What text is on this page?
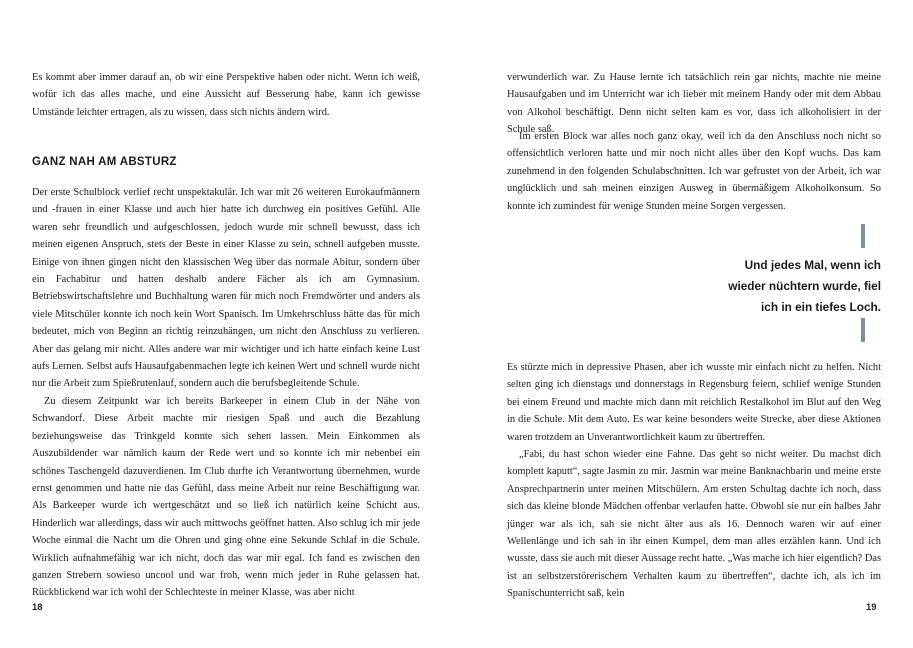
Es kommt aber immer darauf an, ob wir eine Perspektive haben oder nicht. Wenn ich weiß, wofür ich das alles mache, und eine Aussicht auf Besserung habe, kann ich gewisse Umstände leichter ertragen, als zu wissen, dass sich nichts ändern wird.

GANZ NAH AM ABSTURZ

Der erste Schulblock verlief recht unspektakulär. Ich war mit 26 weiteren Eurokaufmännern und -frauen in einer Klasse und auch hier hatte ich durchweg ein positives Gefühl. Alle waren sehr freundlich und aufgeschlossen, jedoch wurde mir schnell bewusst, dass ich meinen eigenen Anspruch, stets der Beste in einer Klasse zu sein, schnell aufgeben musste. Einige von ihnen gingen nicht den klassischen Weg über das normale Abitur, sondern über ein Fachabitur und hatten deshalb andere Fächer als ich am Gymnasium. Betriebswirtschaftslehre und Buchhaltung waren für mich noch Fremdwörter und anders als viele Mitschüler konnte ich noch kein Wort Spanisch. Im Umkehrschluss hätte das für mich bedeutet, mich von Beginn an richtig reinzuhängen, um nicht den Anschluss zu verlieren. Aber das gelang mir nicht. Alles andere war mir wichtiger und ich hatte einfach keine Lust aufs Lernen. Selbst aufs Hausaufgabenmachen legte ich keinen Wert und schnell wurde nicht nur die Arbeit zum Spießrutenlauf, sondern auch die berufsbegleitende Schule.

Zu diesem Zeitpunkt war ich bereits Barkeeper in einem Club in der Nähe von Schwandorf. Diese Arbeit machte mir riesigen Spaß und auch die Bezahlung beziehungsweise das Trinkgeld konnte sich sehen lassen. Mein Einkommen als Auszubildender war nämlich kaum der Rede wert und so konnte ich mir nebenbei ein schönes Taschengeld dazuverdienen. Im Club durfte ich Verantwortung übernehmen, wurde ernst genommen und hatte nie das Gefühl, dass meine Arbeit nur reine Beschäftigung war. Als Barkeeper wurde ich wertgeschätzt und so ließ ich natürlich keine Schicht aus. Hinderlich war allerdings, dass wir auch mittwochs geöffnet hatten. Also schlug ich mir jede Woche einmal die Nacht um die Ohren und ging ohne eine Sekunde Schlaf in die Schule. Wirklich aufnahmefähig war ich nicht, doch das war mir egal. Ich fand es zwischen den ganzen Strebern sowieso uncool und war froh, wenn mich jeder in Ruhe gelassen hat. Rückblickend war ich wohl der Schlechteste in meiner Klasse, was aber nicht

18

verwunderlich war. Zu Hause lernte ich tatsächlich rein gar nichts, machte nie meine Hausaufgaben und im Unterricht war ich lieber mit meinem Handy oder mit dem Abbau von Alkohol beschäftigt. Denn nicht selten kam es vor, dass ich alkoholisiert in der Schule saß.

Im ersten Block war alles noch ganz okay, weil ich da den Anschluss noch nicht so offensichtlich verloren hatte und mir noch nicht alles über den Kopf wuchs. Das kam zunehmend in den folgenden Schulabschnitten. Ich war gefrustet von der Arbeit, ich war unglücklich und sah meinen einzigen Ausweg in übermäßigem Alkoholkonsum. So konnte ich zumindest für wenige Stunden meine Sorgen vergessen.

Und jedes Mal, wenn ich
wieder nüchtern wurde, fiel
ich in ein tiefes Loch.

Es stürzte mich in depressive Phasen, aber ich wusste mir einfach nicht zu helfen. Nicht selten ging ich dienstags und donnerstags in Regensburg feiern, schlief wenige Stunden bei einem Freund und machte mich dann mit reichlich Restalkohol im Blut auf den Weg in die Schule. Mit dem Auto. Es war keine besonders weite Strecke, aber diese Aktionen waren trotzdem an Unverantwortlichkeit kaum zu übertreffen.

„Fabi, du hast schon wieder eine Fahne. Das geht so nicht weiter. Du machst dich komplett kaputt“, sagte Jasmin zu mir. Jasmin war meine Banknachbarin und meine erste Ansprechpartnerin unter meinen Mitschülern. Am ersten Schultag dachte ich noch, dass sich das kleine blonde Mädchen offenbar verlaufen hatte. Obwohl sie nur ein halbes Jahr jünger war als ich, sah sie nicht älter aus als 16. Dennoch waren wir auf einer Wellenlänge und ich sah in ihr einen Kumpel, dem man alles erzählen kann. Und ich wusste, dass sie auch mit dieser Aussage recht hatte. „Was mache ich hier eigentlich? Das ist an selbstzerstörerischem Verhalten kaum zu übertreffen“, dachte ich, als ich im Spanischunterricht saß, kein

19
